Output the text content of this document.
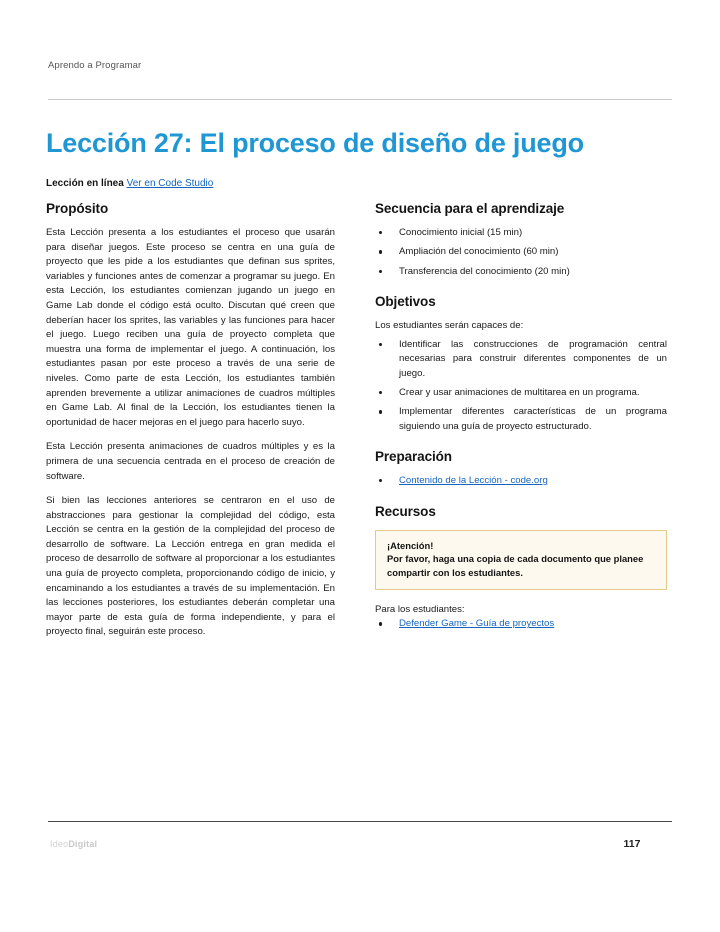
Aprendo a Programar
Lección 27: El proceso de diseño de juego
Lección en línea Ver en Code Studio
Propósito

Esta Lección presenta a los estudiantes el proceso que usarán para diseñar juegos. Este proceso se centra en una guía de proyecto que les pide a los estudiantes que definan sus sprites, variables y funciones antes de comenzar a programar su juego. En esta Lección, los estudiantes comienzan jugando un juego en Game Lab donde el código está oculto. Discutan qué creen que deberían hacer los sprites, las variables y las funciones para hacer el juego. Luego reciben una guía de proyecto completa que muestra una forma de implementar el juego. A continuación, los estudiantes pasan por este proceso a través de una serie de niveles. Como parte de esta Lección, los estudiantes también aprenden brevemente a utilizar animaciones de cuadros múltiples en Game Lab. Al final de la Lección, los estudiantes tienen la oportunidad de hacer mejoras en el juego para hacerlo suyo.

Esta Lección presenta animaciones de cuadros múltiples y es la primera de una secuencia centrada en el proceso de creación de software.

Si bien las lecciones anteriores se centraron en el uso de abstracciones para gestionar la complejidad del código, esta Lección se centra en la gestión de la complejidad del proceso de desarrollo de software. La Lección entrega en gran medida el proceso de desarrollo de software al proporcionar a los estudiantes una guía de proyecto completa, proporcionando código de inicio, y encaminando a los estudiantes a través de su implementación. En las lecciones posteriores, los estudiantes deberán completar una mayor parte de esta guía de forma independiente, y para el proyecto final, seguirán este proceso.

Secuencia para el aprendizaje
Conocimiento inicial (15 min)
Ampliación del conocimiento (60 min)
Transferencia del conocimiento (20 min)
Objetivos

Los estudiantes serán capaces de:

Identificar las construcciones de programación central necesarias para construir diferentes componentes de un juego.
Crear y usar animaciones de multitarea en un programa.
Implementar diferentes características de un programa siguiendo una guía de proyecto estructurado.
Preparación
Contenido de la Lección - code.org
Recursos
¡Atención!
Por favor, haga una copia de cada documento que planee compartir con los estudiantes.
Para los estudiantes:
Defender Game - Guía de proyectos
IdeoDigital	117
